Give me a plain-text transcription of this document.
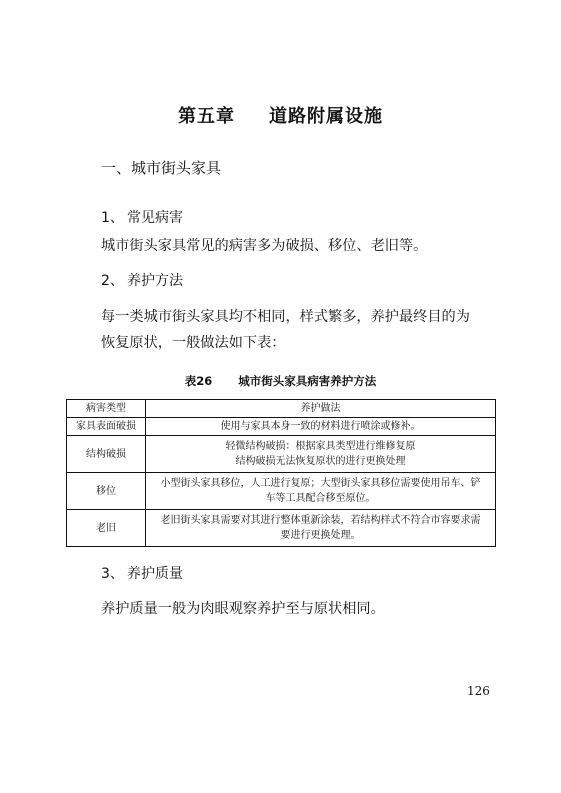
第五章 道路附属设施
一、城市街头家具
1、 常见病害
城市街头家具常见的病害多为破损、移位、老旧等。
2、 养护方法
每一类城市街头家具均不相同，样式繁多，养护最终目的为
恢复原状，一般做法如下表：
表26 城市街头家具病害养护方法
病害类型	养护做法
家具表面破损	使用与家具本身一致的材料进行喷涂或修补。

结构破损	轻微结构破损：根据家具类型进行维修复原
结构破损无法恢复原状的进行更换处理

移位	小型街头家具移位，人工进行复原；大型街头家具移位需要使用吊车、铲
车等工具配合移至原位。

老旧	老旧街头家具需要对其进行整体重新涂装，若结构样式不符合市容要求需
要进行更换处理。
3、 养护质量
养护质量一般为肉眼观察养护至与原状相同。
126
